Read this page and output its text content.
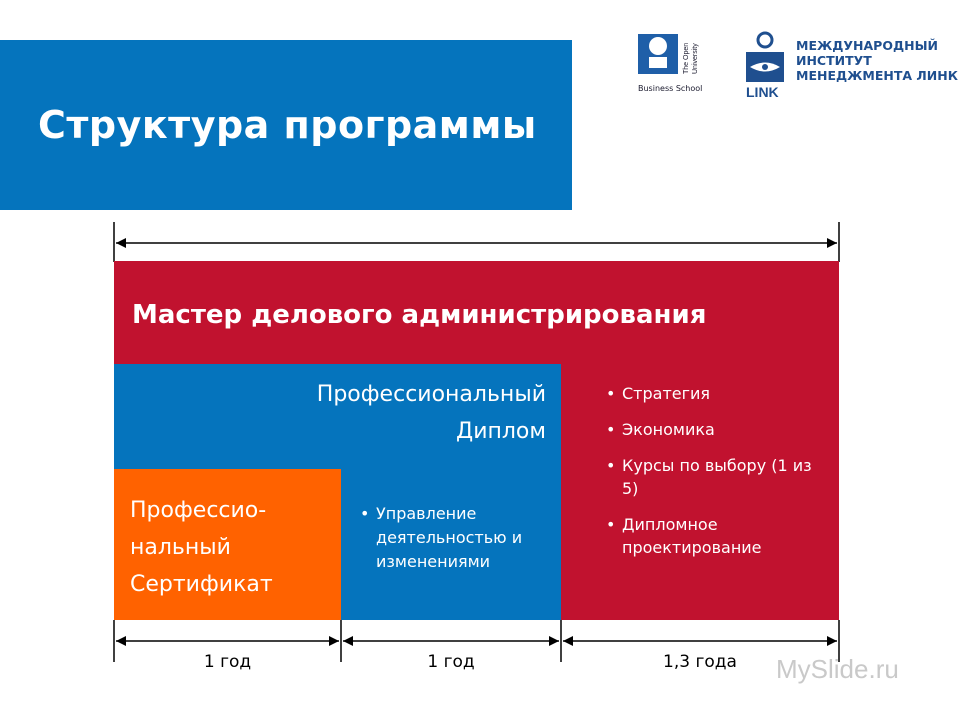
Структура программы
The Open University
Business School	LINK
МЕЖДУНАРОДНЫЙ
ИНСТИТУТ
МЕНЕДЖМЕНТА ЛИНК
Мастер делового администрирования
Профессиональный
Диплом
Профессио-
нальный
Сертификат
• Управление деятельностью и изменениями
• Стратегия
• Экономика
• Курсы по выбору (1 из 5)
• Дипломное проектирование
1 год	1 год	1,3 года	MySlide.ru
